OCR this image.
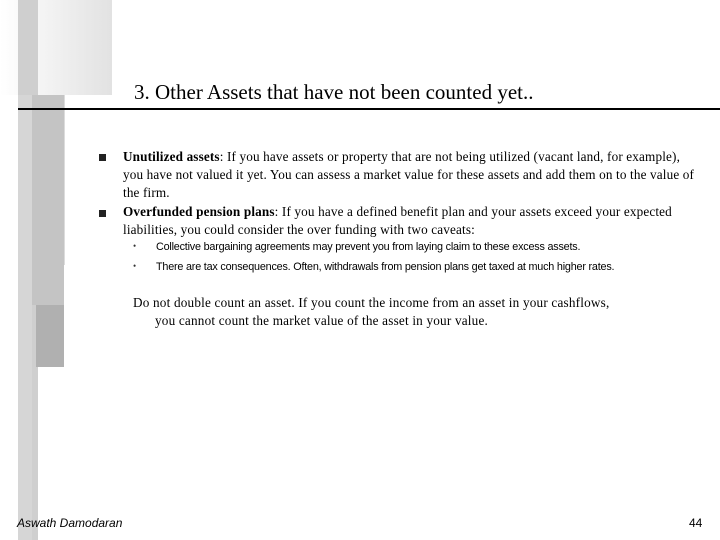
3. Other Assets that have not been counted yet..
Unutilized assets: If you have assets or property that are not being utilized (vacant land, for example), you have not valued it yet. You can assess a market value for these assets and add them on to the value of the firm.
Overfunded pension plans: If you have a defined benefit plan and your assets exceed your expected liabilities, you could consider the over funding with two caveats:
• Collective bargaining agreements may prevent you from laying claim to these excess assets.
• There are tax consequences. Often, withdrawals from pension plans get taxed at much higher rates.
Do not double count an asset. If you count the income from an asset in your cashflows,
you cannot count the market value of the asset in your value.
Aswath Damodaran	44
